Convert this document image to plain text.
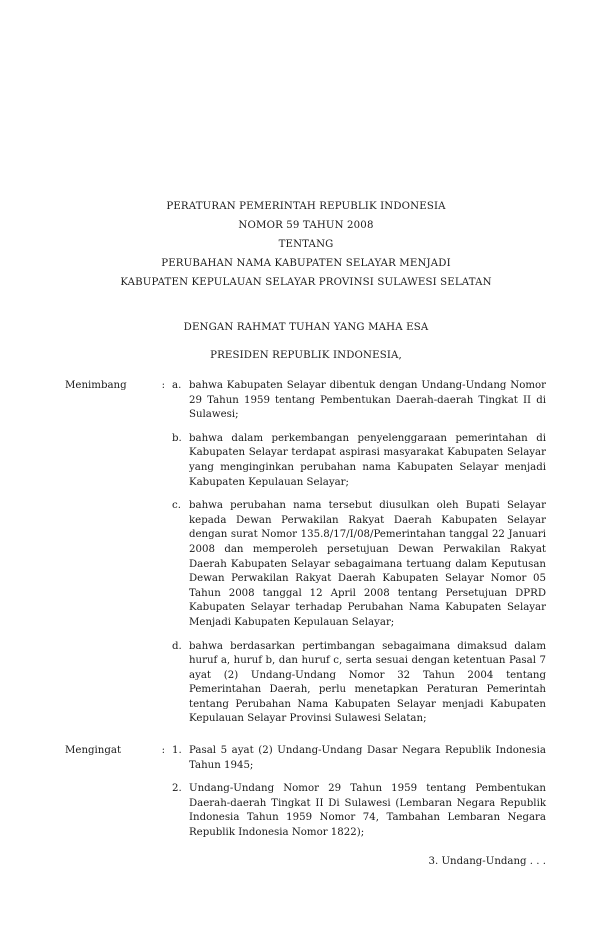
PERATURAN PEMERINTAH REPUBLIK INDONESIA
NOMOR 59 TAHUN 2008
TENTANG
PERUBAHAN NAMA KABUPATEN SELAYAR MENJADI
KABUPATEN KEPULAUAN SELAYAR PROVINSI SULAWESI SELATAN
DENGAN RAHMAT TUHAN YANG MAHA ESA
PRESIDEN REPUBLIK INDONESIA,
Menimbang	: a. bahwa Kabupaten Selayar dibentuk dengan Undang-Undang Nomor 29 Tahun 1959 tentang Pembentukan Daerah-daerah Tingkat II di Sulawesi;
b. bahwa dalam perkembangan penyelenggaraan pemerintahan di Kabupaten Selayar terdapat aspirasi masyarakat Kabupaten Selayar yang menginginkan perubahan nama Kabupaten Selayar menjadi Kabupaten Kepulauan Selayar;
c. bahwa perubahan nama tersebut diusulkan oleh Bupati Selayar kepada Dewan Perwakilan Rakyat Daerah Kabupaten Selayar dengan surat Nomor 135.8/17/I/08/Pemerintahan tanggal 22 Januari 2008 dan memperoleh persetujuan Dewan Perwakilan Rakyat Daerah Kabupaten Selayar sebagaimana tertuang dalam Keputusan Dewan Perwakilan Rakyat Daerah Kabupaten Selayar Nomor 05 Tahun 2008 tanggal 12 April 2008 tentang Persetujuan DPRD Kabupaten Selayar terhadap Perubahan Nama Kabupaten Selayar Menjadi Kabupaten Kepulauan Selayar;
d. bahwa berdasarkan pertimbangan sebagaimana dimaksud dalam huruf a, huruf b, dan huruf c, serta sesuai dengan ketentuan Pasal 7 ayat (2) Undang-Undang Nomor 32 Tahun 2004 tentang Pemerintahan Daerah, perlu menetapkan Peraturan Pemerintah tentang Perubahan Nama Kabupaten Selayar menjadi Kabupaten Kepulauan Selayar Provinsi Sulawesi Selatan;
Mengingat	: 1. Pasal 5 ayat (2) Undang-Undang Dasar Negara Republik Indonesia Tahun 1945;
2. Undang-Undang Nomor 29 Tahun 1959 tentang Pembentukan Daerah-daerah Tingkat II Di Sulawesi (Lembaran Negara Republik Indonesia Tahun 1959 Nomor 74, Tambahan Lembaran Negara Republik Indonesia Nomor 1822);
3. Undang-Undang . . .
